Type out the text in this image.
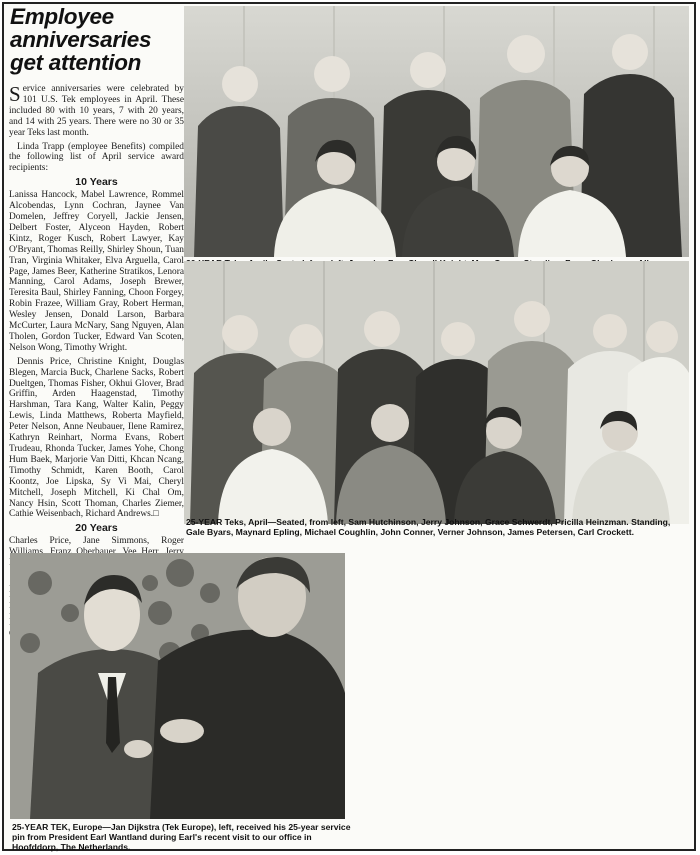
Employee
anniversaries
get attention

Service anniversaries were celebrated by 101 U.S. Tek employees in April. These included 80 with 10 years, 7 with 20 years, and 14 with 25 years. There were no 30 or 35 year Teks last month.

Linda Trapp (employee Benefits) compiled the following list of April service award recipients:

10 Years

Lanissa Hancock, Mabel Lawrence, Rommel Alcobendas, Lynn Cochran, Jaynee Van Domelen, Jeffrey Coryell, Jackie Jensen, Delbert Foster, Alyceon Hayden, Robert Kintz, Roger Kusch, Robert Lawyer, Kay O'Bryant, Thomas Reilly, Shirley Shoun, Tuan Tran, Virginia Whitaker, Elva Arguella, Carol Page, James Beer, Katherine Stratikos, Lenora Manning, Carol Adams, Joseph Brewer, Teresita Baul, Shirley Fanning, Choon Forgey, Robin Frazee, William Gray, Robert Herman, Wesley Jensen, Donald Larson, Barbara McCurter, Laura McNary, Sang Nguyen, Alan Tholen, Gordon Tucker, Edward Van Scoten, Nelson Wong, Timothy Wright.

Dennis Price, Christine Knight, Douglas Blegen, Marcia Buck, Charlene Sacks, Robert Dueltgen, Thomas Fisher, Okhui Glover, Brad Griffin, Arden Haagenstad, Timothy Harshman, Tara Kang, Walter Kalin, Peggy Lewis, Linda Matthews, Roberta Mayfield, Peter Nelson, Anne Neubauer, Ilene Ramirez, Kathryn Reinhart, Norma Evans, Robert Trudeau, Rhonda Tucker, James Yohe, Chong Hum Baek, Marjorie Van Ditti, Khcan Ncang, Timothy Schmidt, Karen Booth, Carol Koontz, Joe Lipska, Sy Vi Mai, Cheryl Mitchell, Joseph Mitchell, Ki Chal Om, Nancy Hsin, Scott Thoman, Charles Ziemer, Cathie Weisenbach, Richard Andrews.□

20 Years

Charles Price, Jane Simmons, Roger

25-YEAR Teks, April—Seated, from left, Sam Hutchinson, Jerry Johnson, Grace Schwerdt, Pricilla Heinzman. Standing, Gale Byars, Maynard Epling, Michael Coughlin, John Conner, Verner Johnson, James Petersen, Carl Crockett.
25-YEAR TEK, Europe—Jan Dijkstra (Tek Europe), left, received his 25-year service pin from President Earl Wantland during Earl's recent visit to our office in Hoofddorp, The Netherlands.
